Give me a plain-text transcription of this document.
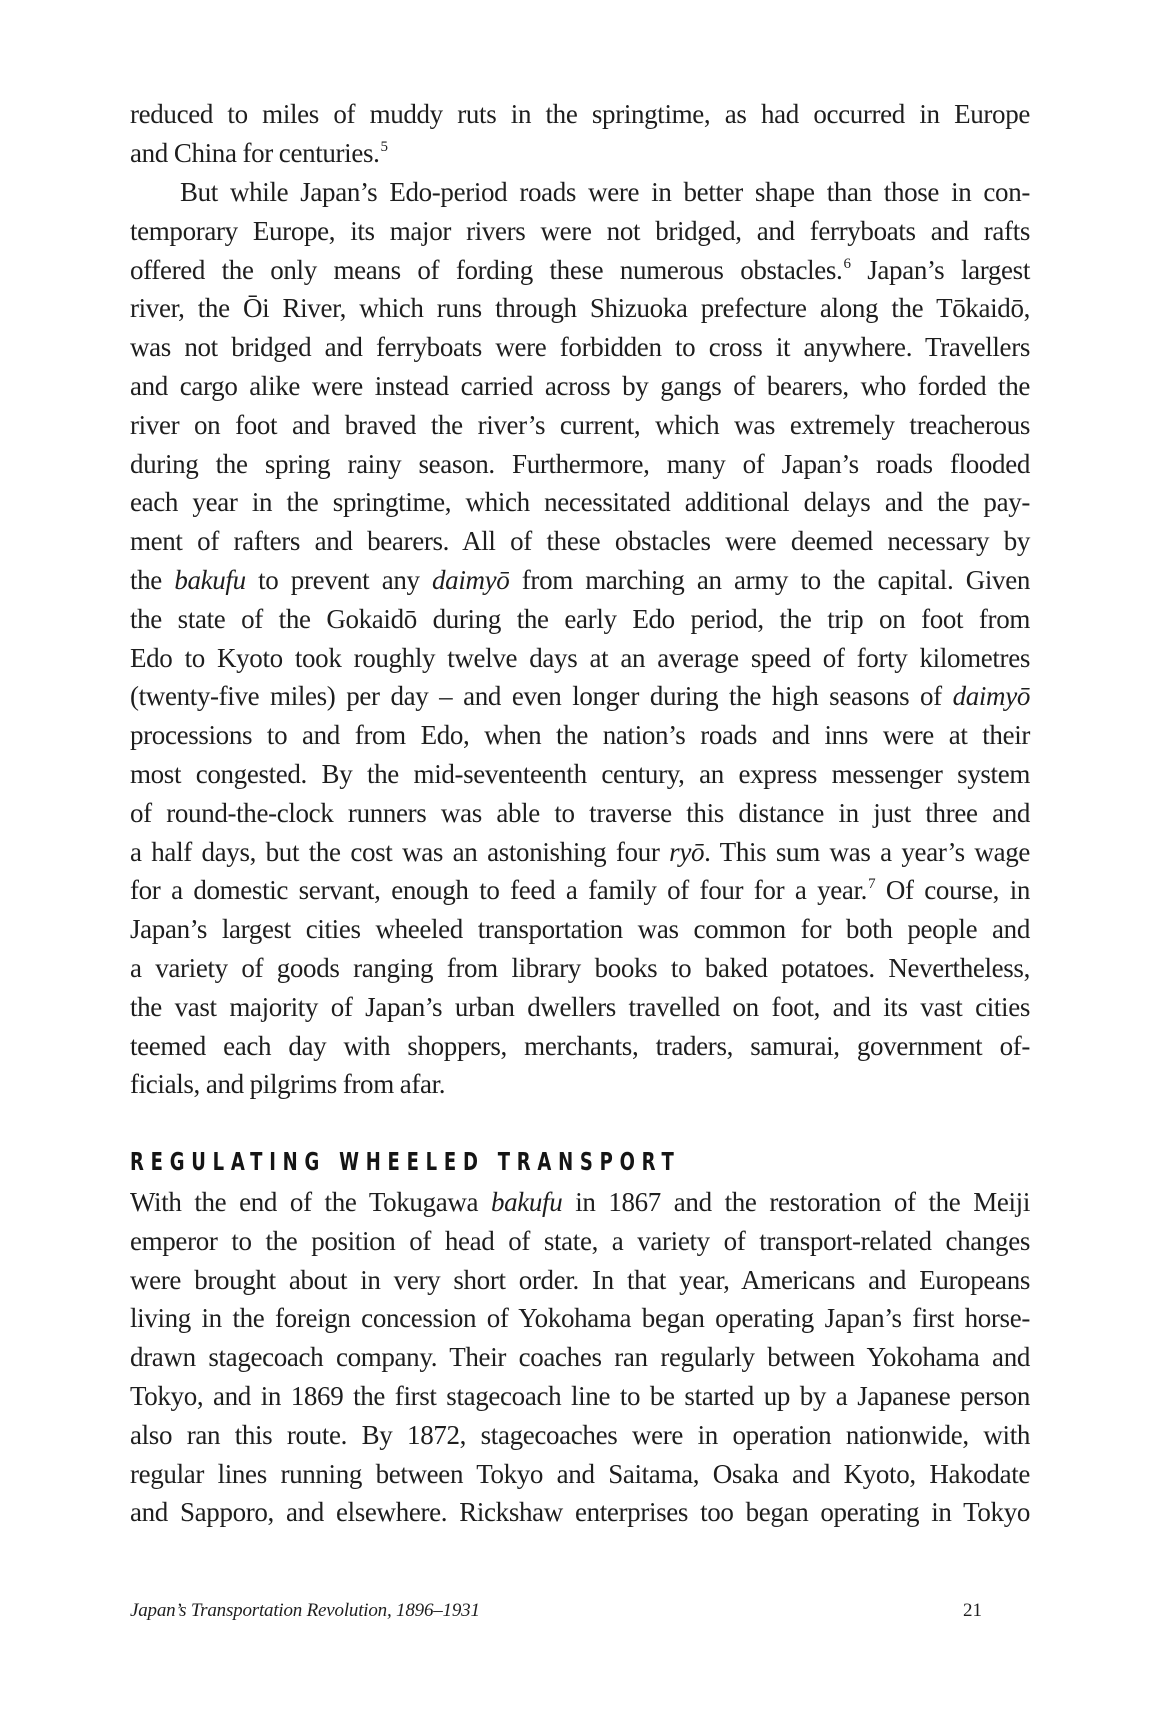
reduced to miles of muddy ruts in the springtime, as had occurred in Europe
and China for centuries.$^5$
But while Japan’s Edo-period roads were in better shape than those in con-
temporary Europe, its major rivers were not bridged, and ferryboats and rafts
offered the only means of fording these numerous obstacles.$^6$ Japan’s largest
river, the Ōi River, which runs through Shizuoka prefecture along the Tōkaidō,
was not bridged and ferryboats were forbidden to cross it anywhere. Travellers
and cargo alike were instead carried across by gangs of bearers, who forded the
river on foot and braved the river’s current, which was extremely treacherous
during the spring rainy season. Furthermore, many of Japan’s roads flooded
each year in the springtime, which necessitated additional delays and the pay-
ment of rafters and bearers. All of these obstacles were deemed necessary by
the bakufu to prevent any daimyō from marching an army to the capital. Given
the state of the Gokaidō during the early Edo period, the trip on foot from
Edo to Kyoto took roughly twelve days at an average speed of forty kilometres
(twenty-five miles) per day – and even longer during the high seasons of daimyō
processions to and from Edo, when the nation’s roads and inns were at their
most congested. By the mid-seventeenth century, an express messenger system
of round-the-clock runners was able to traverse this distance in just three and
a half days, but the cost was an astonishing four ryō. This sum was a year’s wage
for a domestic servant, enough to feed a family of four for a year.$^7$ Of course, in
Japan’s largest cities wheeled transportation was common for both people and
a variety of goods ranging from library books to baked potatoes. Nevertheless,
the vast majority of Japan’s urban dwellers travelled on foot, and its vast cities
teemed each day with shoppers, merchants, traders, samurai, government of-
ficials, and pilgrims from afar.
REGULATING WHEELED TRANSPORT
With the end of the Tokugawa bakufu in 1867 and the restoration of the Meiji
emperor to the position of head of state, a variety of transport-related changes
were brought about in very short order. In that year, Americans and Europeans
living in the foreign concession of Yokohama began operating Japan’s first horse-
drawn stagecoach company. Their coaches ran regularly between Yokohama and
Tokyo, and in 1869 the first stagecoach line to be started up by a Japanese person
also ran this route. By 1872, stagecoaches were in operation nationwide, with
regular lines running between Tokyo and Saitama, Osaka and Kyoto, Hakodate
and Sapporo, and elsewhere. Rickshaw enterprises too began operating in Tokyo
Japan’s Transportation Revolution, 1896–1931	21
